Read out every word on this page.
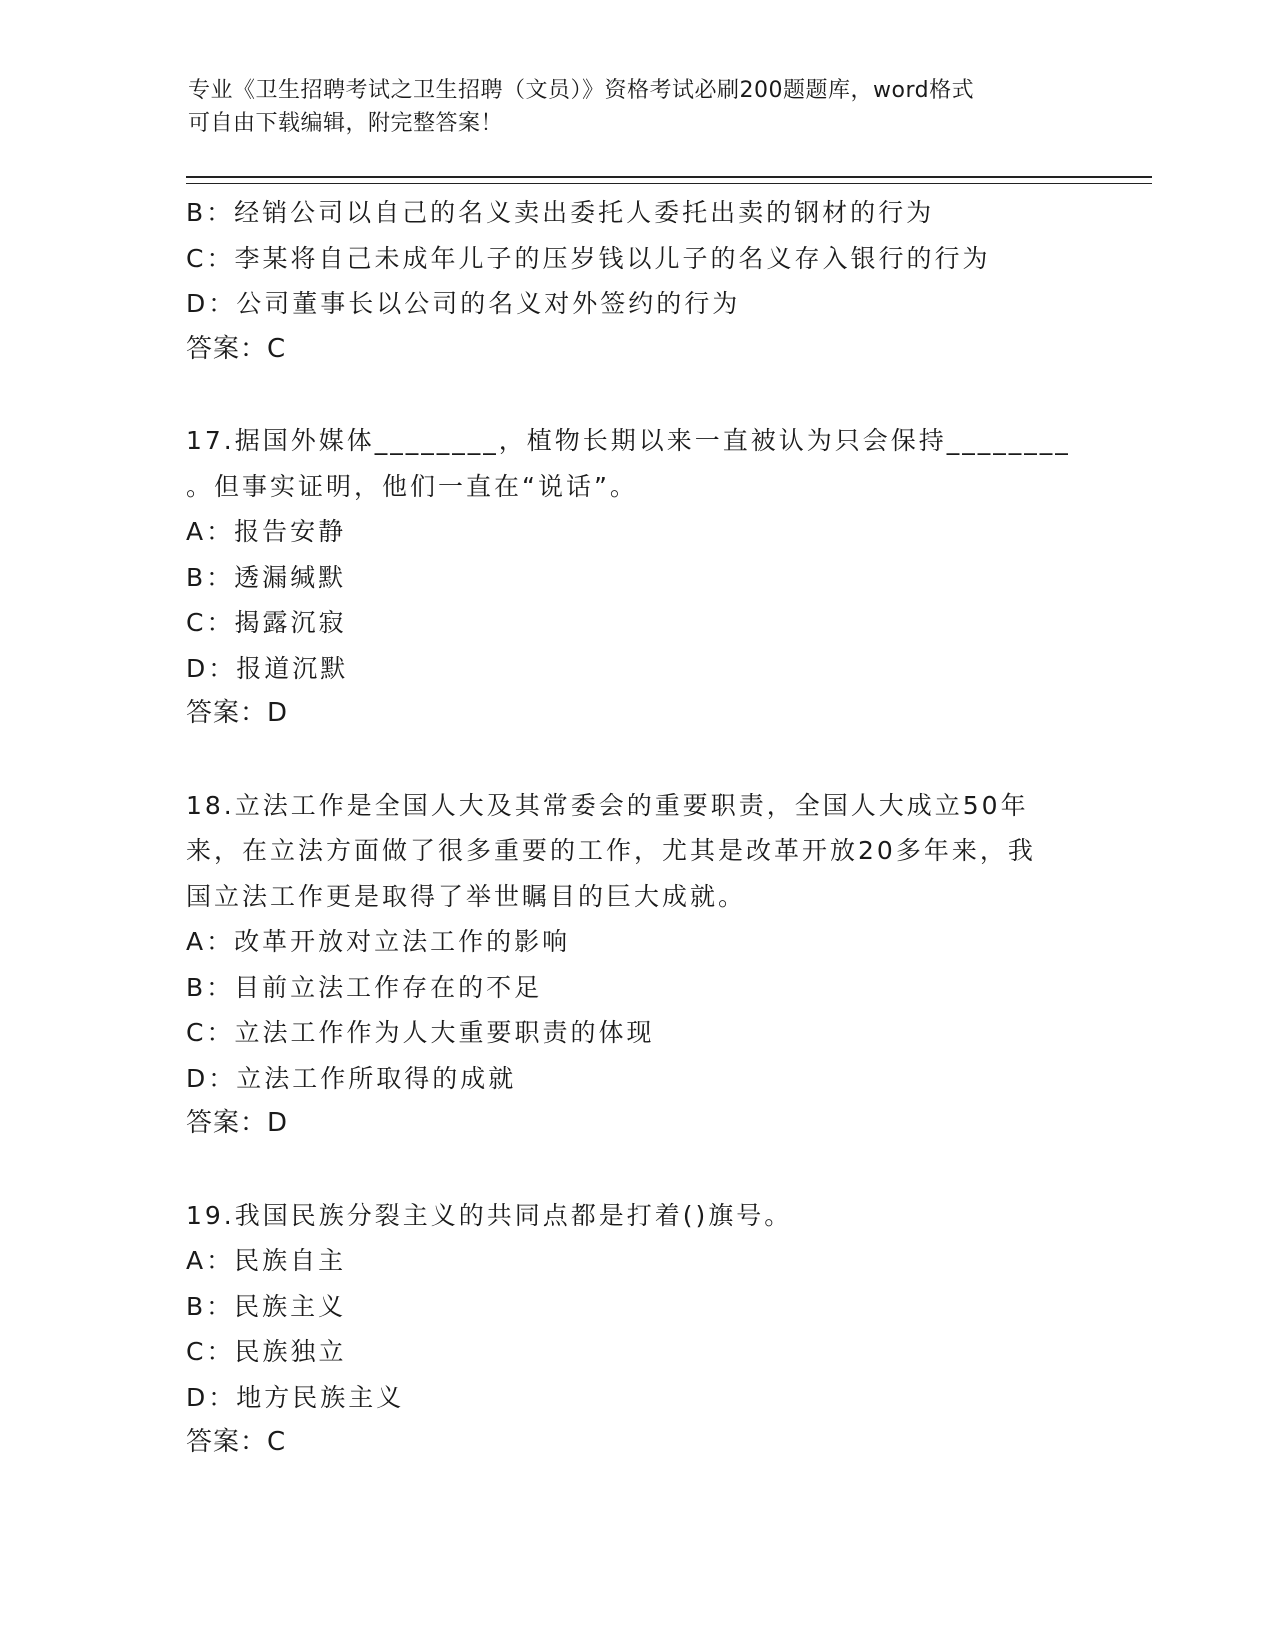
专业《卫生招聘考试之卫生招聘（文员）》资格考试必刷200题题库，word格式
可自由下载编辑，附完整答案！
B：经销公司以自己的名义卖出委托人委托出卖的钢材的行为
C：李某将自己未成年儿子的压岁钱以儿子的名义存入银行的行为
D：公司董事长以公司的名义对外签约的行为
答案：C
17.据国外媒体________，植物长期以来一直被认为只会保持________
。但事实证明，他们一直在“说话”。
A：报告安静
B：透漏缄默
C：揭露沉寂
D：报道沉默
答案：D
18.立法工作是全国人大及其常委会的重要职责，全国人大成立50年
来，在立法方面做了很多重要的工作，尤其是改革开放20多年来，我
国立法工作更是取得了举世瞩目的巨大成就。
A：改革开放对立法工作的影响
B：目前立法工作存在的不足
C：立法工作作为人大重要职责的体现
D：立法工作所取得的成就
答案：D
19.我国民族分裂主义的共同点都是打着()旗号。
A：民族自主
B：民族主义
C：民族独立
D：地方民族主义
答案：C
